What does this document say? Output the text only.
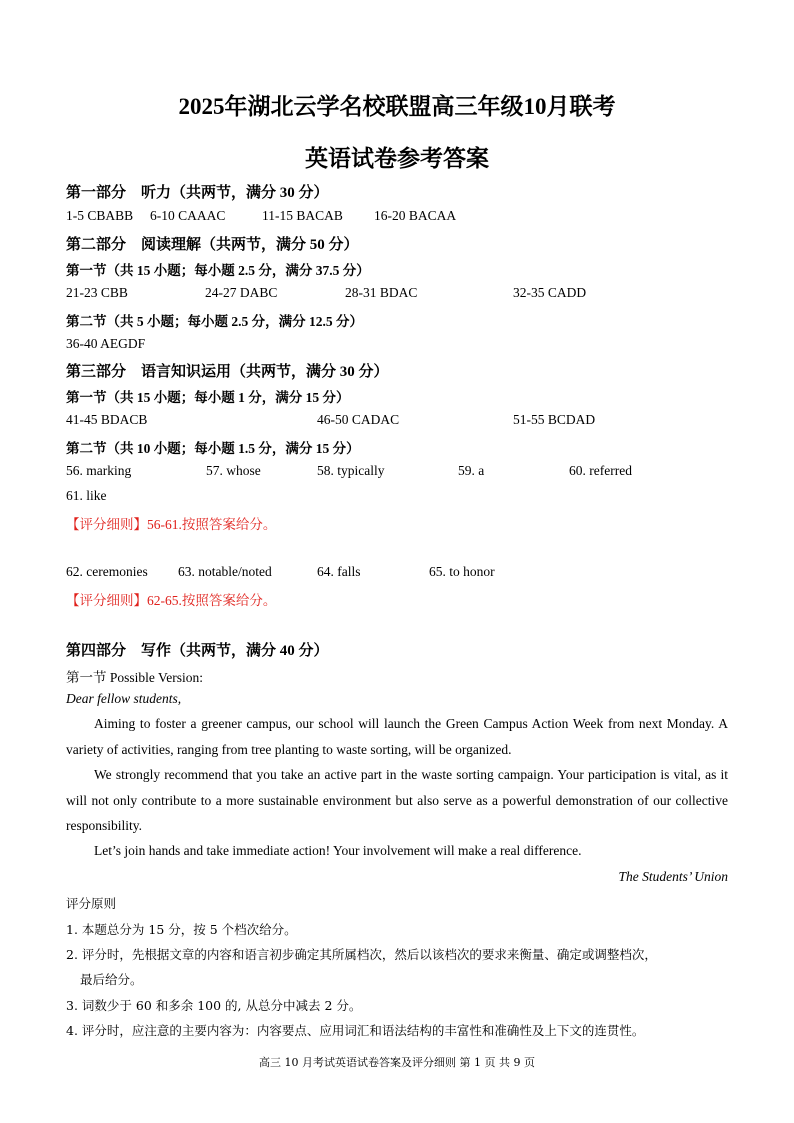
2025年湖北云学名校联盟高三年级10月联考
英语试卷参考答案
第一部分　听力（共两节，满分 30 分）
1-5 CBABB 6-10 CAAAC	11-15 BACAB 16-20 BACAA
第二部分　阅读理解（共两节，满分 50 分）
第一节（共 15 小题；每小题 2.5 分，满分 37.5 分）
21-23 CBB	24-27 DABC	28-31 BDAC	32-35 CADD
第二节（共 5 小题；每小题 2.5 分，满分 12.5 分）
36-40 AEGDF
第三部分　语言知识运用（共两节，满分 30 分）
第一节（共 15 小题；每小题 1 分，满分 15 分）
41-45 BDACB	46-50 CADAC	51-55 BCDAD
第二节（共 10 小题；每小题 1.5 分，满分 15 分）
56. marking	57. whose	58. typically	59. a	60. referred
61. like
【评分细则】56-61.按照答案给分。
62. ceremonies 63. notable/noted	64. falls	65. to honor
【评分细则】62-65.按照答案给分。
第四部分　写作（共两节，满分 40 分）
第一节 Possible Version:
Dear fellow students,
Aiming to foster a greener campus, our school will launch the Green Campus Action Week from next Monday. A variety of activities, ranging from tree planting to waste sorting, will be organized.
We strongly recommend that you take an active part in the waste sorting campaign. Your participation is vital, as it will not only contribute to a more sustainable environment but also serve as a powerful demonstration of our collective responsibility.
Let’s join hands and take immediate action! Your involvement will make a real difference.
The Students’ Union
评分原则
1. 本题总分为 15 分，按 5 个档次给分。
2. 评分时，先根据文章的内容和语言初步确定其所属档次，然后以该档次的要求来衡量、确定或调整档次，
最后给分。
3. 词数少于 60 和多余 100 的, 从总分中减去 2 分。
4. 评分时，应注意的主要内容为：内容要点、应用词汇和语法结构的丰富性和准确性及上下文的连贯性。
高三 10 月考试英语试卷答案及评分细则 第 1 页 共 9 页
